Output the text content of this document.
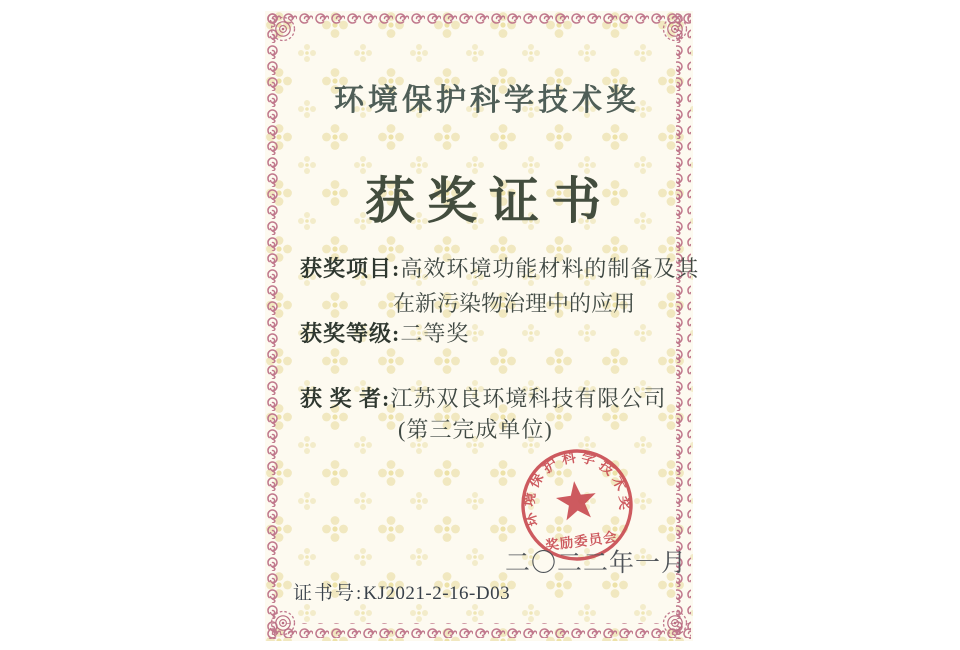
环境保护科学技术奖
获奖证书
获奖项目:高效环境功能材料的制备及其
在新污染物治理中的应用
获奖等级:二等奖
获 奖 者:江苏双良环境科技有限公司
(第三完成单位)
环境保护科学技术奖
奖励委员会
二〇二二年一月
证书号:KJ2021-2-16-D03
